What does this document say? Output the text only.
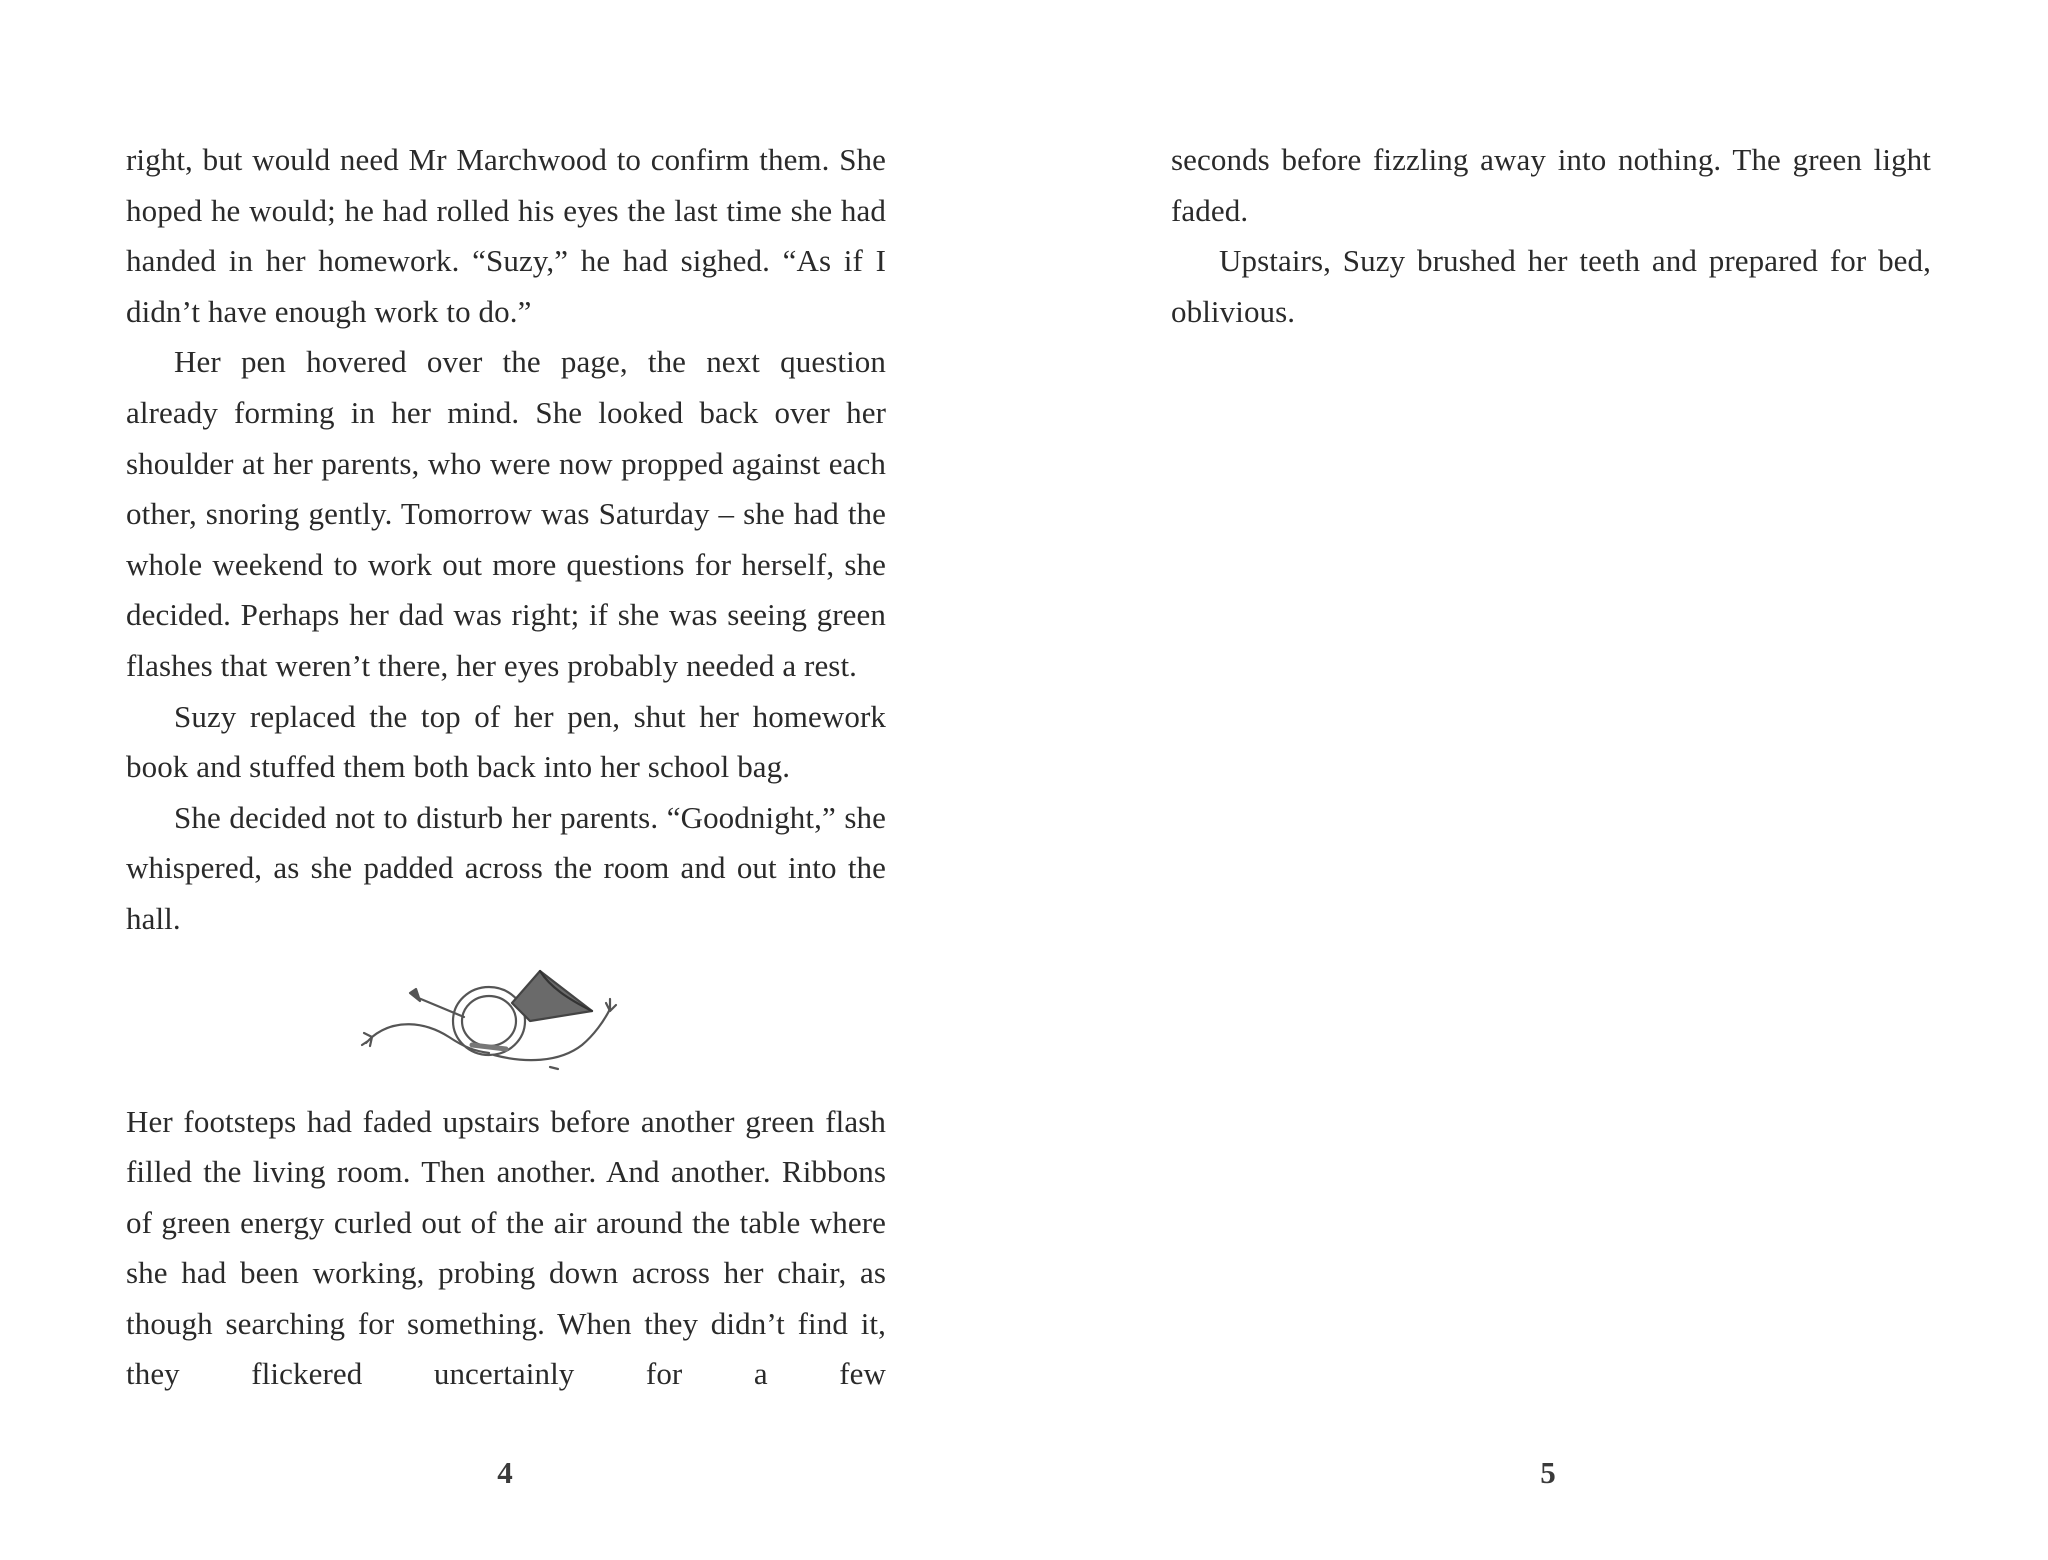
right, but would need Mr Marchwood to confirm them. She hoped he would; he had rolled his eyes the last time she had handed in her homework. “Suzy,” he had sighed. “As if I didn’t have enough work to do.”

Her pen hovered over the page, the next question already forming in her mind. She looked back over her shoulder at her parents, who were now propped against each other, snoring gently. Tomorrow was Saturday – she had the whole weekend to work out more questions for herself, she decided. Perhaps her dad was right; if she was seeing green flashes that weren’t there, her eyes probably needed a rest.

Suzy replaced the top of her pen, shut her homework book and stuffed them both back into her school bag.

She decided not to disturb her parents. “Goodnight,” she whispered, as she padded across the room and out into the hall.

Her footsteps had faded upstairs before another green flash filled the living room. Then another. And another. Ribbons of green energy curled out of the air around the table where she had been working, probing down across her chair, as though searching for something. When they didn’t find it, they flickered uncertainly for a few

seconds before fizzling away into nothing. The green light faded.

Upstairs, Suzy brushed her teeth and prepared for bed, oblivious.

4	5
